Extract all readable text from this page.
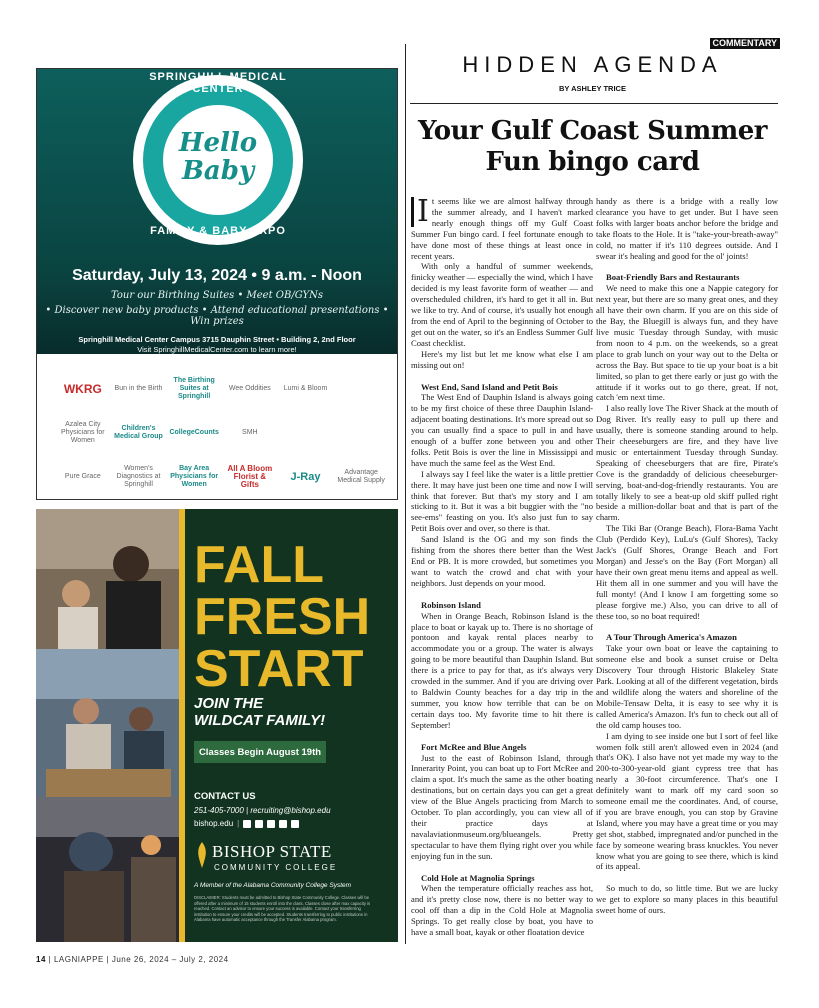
SPRINGHILL MEDICAL CENTER
Hello
Baby
FAMILY & BABY EXPO
Saturday, July 13, 2024 • 9 a.m. - Noon
Tour our Birthing Suites • Meet OB/GYNs
• Discover new baby products • Attend educational presentations • Win prizes
Springhill Medical Center Campus 3715 Dauphin Street • Building 2, 2nd Floor
Visit SpringhillMedicalCenter.com to learn more!
WKRG	Bun in the Birth
The Birthing Suites at Springhill
Wee Oddities	Lumi & Bloom
Azalea City Physicians for Women
Children's Medical Group
CollegeCounts	SMH
Pure Grace
Women's Diagnostics at Springhill
Bay Area Physicians for Women
All A Bloom Florist & Gifts
J-Ray	Advantage Medical Supply
FALL
FRESH
START
JOIN THE
WILDCAT FAMILY!
Classes Begin August 19th
CONTACT US
251-405-7000 | recruiting@bishop.edu
bishop.edu |
BISHOP STATE
COMMUNITY COLLEGE
A Member of the Alabama Community College System
DISCLAIMER: Students must be admitted to Bishop State Community College. Classes will be offered after a minimum of 15 students enroll into the class. Classes close after max capacity is reached. Contact an advisor to ensure your success is available. Contact your transferring institution to ensure your credits will be accepted. Students transferring to public institutions in Alabama have automatic acceptance through the Transfer Alabama program.
COMMENTARY
HIDDEN AGENDA
BY ASHLEY TRICE
Your Gulf Coast Summer
Fun bingo card

I t seems like we are almost halfway through the summer already, and I haven't marked nearly enough things off my Gulf Coast Summer Fun bingo card. I feel fortunate enough to have done most of these things at least once in recent years.

With only a handful of summer weekends, finicky weather — especially the wind, which I have decided is my least favorite form of weather — and overscheduled children, it's hard to get it all in. But we like to try. And of course, it's usually hot enough from the end of April to the beginning of October to get out on the water, so it's an Endless Summer Gulf Coast checklist.

Here's my list but let me know what else I am missing out on!

West End, Sand Island and Petit Bois

The West End of Dauphin Island is always going to be my first choice of these three Dauphin Island-adjacent boating destinations. It's more spread out so you can usually find a space to pull in and have enough of a buffer zone between you and other folks. Petit Bois is over the line in Mississippi and have much the same feel as the West End.

I always say I feel like the water is a little prettier there. It may have just been one time and now I will think that forever. But that's my story and I am sticking to it. But it was a bit buggier with the "no see-ems" feasting on you. It's also just fun to say Petit Bois over and over, so there is that.

Sand Island is the OG and my son finds the fishing from the shores there better than the West End or PB. It is more crowded, but sometimes you want to watch the crowd and chat with your neighbors. Just depends on your mood.

Robinson Island

When in Orange Beach, Robinson Island is the place to boat or kayak up to. There is no shortage of pontoon and kayak rental places nearby to accommodate you or a group. The water is always going to be more beautiful than Dauphin Island. But there is a price to pay for that, as it's always very crowded in the summer. And if you are driving over to Baldwin County beaches for a day trip in the summer, you know how terrible that can be on certain days too. My favorite time to hit there is September!

Fort McRee and Blue Angels

Just to the east of Robinson Island, through Innerarity Point, you can boat up to Fort McRee and claim a spot. It's much the same as the other boating destinations, but on certain days you can get a great view of the Blue Angels practicing from March to October. To plan accordingly, you can view all of their practice days at navalaviationmuseum.org/blueangels. Pretty spectacular to have them flying right over you while enjoying fun in the sun.

Cold Hole at Magnolia Springs

When the temperature officially reaches ass hot, and it's pretty close now, there is no better way to cool off than a dip in the Cold Hole at Magnolia Springs. To get really close by boat, you have to have a small boat, kayak or other floatation device

handy as there is a bridge with a really low clearance you have to get under. But I have seen folks with larger boats anchor before the bridge and take floats to the Hole. It is "take-your-breath-away" cold, no matter if it's 110 degrees outside. And I swear it's healing and good for the ol' joints!

Boat-Friendly Bars and Restaurants

We need to make this one a Nappie category for next year, but there are so many great ones, and they all have their own charm. If you are on this side of the Bay, the Bluegill is always fun, and they have live music Tuesday through Sunday, with music from noon to 4 p.m. on the weekends, so a great place to grab lunch on your way out to the Delta or across the Bay. But space to tie up your boat is a bit limited, so plan to get there early or just go with the attitude if it works out to go there, great. If not, catch 'em next time.

I also really love The River Shack at the mouth of Dog River. It's really easy to pull up there and usually, there is someone standing around to help. Their cheeseburgers are fire, and they have live music or entertainment Tuesday through Sunday. Speaking of cheeseburgers that are fire, Pirate's Cove is the grandaddy of delicious cheeseburger-serving, boat-and-dog-friendly restaurants. You are totally likely to see a beat-up old skiff pulled right beside a million-dollar boat and that is part of the charm.

The Tiki Bar (Orange Beach), Flora-Bama Yacht Club (Perdido Key), LuLu's (Gulf Shores), Tacky Jack's (Gulf Shores, Orange Beach and Fort Morgan) and Jesse's on the Bay (Fort Morgan) all have their own great menu items and appeal as well. Hit them all in one summer and you will have the full monty! (And I know I am forgetting some so please forgive me.) Also, you can drive to all of these too, so no boat required!

A Tour Through America's Amazon

Take your own boat or leave the captaining to someone else and book a sunset cruise or Delta Discovery Tour through Historic Blakeley State Park. Looking at all of the different vegetation, birds and wildlife along the waters and shoreline of the Mobile-Tensaw Delta, it is easy to see why it is called America's Amazon. It's fun to check out all of the old camp houses too.

I am dying to see inside one but I sort of feel like women folk still aren't allowed even in 2024 (and that's OK). I also have not yet made my way to the 200-to-300-year-old giant cypress tree that has nearly a 30-foot circumference. That's one I definitely want to mark off my card soon so someone email me the coordinates. And, of course, if you are brave enough, you can stop by Gravine Island, where you may have a great time or you may get shot, stabbed, impregnated and/or punched in the face by someone wearing brass knuckles. You never know what you are going to see there, which is kind of its appeal.

So much to do, so little time. But we are lucky we get to explore so many places in this beautiful sweet home of ours.

14 | LAGNIAPPE | June 26, 2024 – July 2, 2024
